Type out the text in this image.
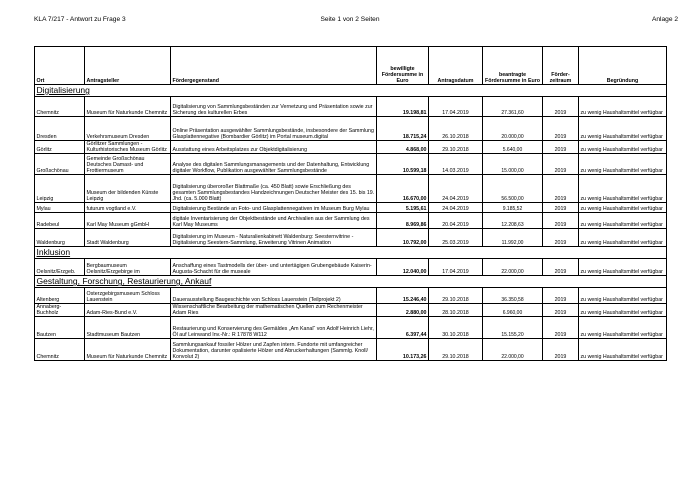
KLA 7/217 - Antwort zu Frage 3	Seite 1 von 2 Seiten	Anlage 2
Ort	Antragsteller	Fördergegenstand	bewilligte Fördersumme in Euro	Antragsdatum	beantragte Fördersumme in Euro	Förder-zeitraum	Begründung
Digitalisierung							
Chemnitz	Museum für Naturkunde Chemnitz	Digitalisierung von Sammlungsbeständen zur Vernetzung und Präsentation sowie zur Sicherung des kulturellen Erbes	19.198,81	17.04.2019	27.361,60	2019	zu wenig Haushaltsmittel verfügbar
Dresden	Verkehrsmuseum Dresden	Online Präsentation ausgewählter Sammlungsbestände, insbesondere der Sammlung Glasplattennegative (Bombardier Görlitz) im Portal museum.digital	18.715,24	26.10.2018	20.000,00	2019	zu wenig Haushaltsmittel verfügbar
Görlitz	Görlitzer Sammlungen - Kulturhistorisches Museum Görlitz	Ausstattung eines Arbeitsplatzes zur Objektdigitalisierung	4.868,00	29.10.2018	5.640,00	2019	zu wenig Haushaltsmittel verfügbar
Großschönau	Gemeinde Großschönau Deutsches Damast- und Frottiermuseum	Analyse des digitalen Sammlungsmanagements und der Datenhaltung, Entwicklung digitaler Workflow, Publikation ausgewählter Sammlungsbestände	10.599,18	14.03.2019	15.000,00	2019	zu wenig Haushaltsmittel verfügbar
Leipzig	Museum der bildenden Künste Leipzig	Digitalisierung überoroßer Blattmaße (ca. 450 Blatt) sowie Erschließung des gesamten Sammlungsbestandes Handzeichnungen Deutscher Meister des 15. bis 19. Jhd. (ca. 5.000 Blatt)	16.670,00	24.04.2019	56.500,00	2019	zu wenig Haushaltsmittel verfügbar
Mylau	futurum vogtland e.V.	Digitalisierung Bestände an Foto- und Glasplattennegativen im Museum Burg Mylau	5.195,61	24.04.2019	9.185,52	2019	zu wenig Haushaltsmittel verfügbar
Radebeul	Karl May Museum gGmbH	digitale Inventarisierung der Objektbestände und Archivalien aus der Sammlung des Karl May Museums	8.969,86	20.04.2019	12.208,63	2019	zu wenig Haushaltsmittel verfügbar
Waldenburg	Stadt Waldenburg	Digitalisierung im Museum - Naturalienkabinett Waldenburg: Seesternvitrine - Digitalisierung Seestern-Sammlung, Erweiterung Vitrinen Animation	10.792,00	25.03.2019	11.992,00	2019	zu wenig Haushaltsmittel verfügbar
Inklusion							
Oelsnitz/Erzgeb.	Bergbaumuseum Oelsnitz/Erzgebirge im	Anschaffung eines Tastmodells der über- und untertägigen Grubengebäude Kaiserin-Augusta-Schacht für die museale	12.040,00	17.04.2019	22.000,00	2019	zu wenig Haushaltsmittel verfügbar
Gestaltung, Forschung, Restaurierung, Ankauf							
Altenberg	Osterzgebirgsmuseum Schloss Lauenstein	Dauerausstellung Baugeschichte von Schloss Lauenstein (Teilprojekt 2)	15.246,40	29.10.2018	36.350,58	2019	zu wenig Haushaltsmittel verfügbar
Annaberg-Buchholz	Adam-Ries-Bund e.V.	Wissenschaftliche Bearbeitung der mathematischen Quellen zum Rechenmeister Adam Ries	2.880,00	28.10.2018	6.960,00	2019	zu wenig Haushaltsmittel verfügbar
Bautzen	Stadtmuseum Bautzen	Restaurierung und Konservierung des Gemäldes „Am Kanal“ von Adolf Heinrich Liehr, Öl auf Leinwand Inv.-Nr.: R 17878 W112	6.397,44	30.10.2018	15.155,20	2019	zu wenig Haushaltsmittel verfügbar
Chemnitz	Museum für Naturkunde Chemnitz	Sammlungsankauf fossiler Hölzer und Zapfen intern. Fundorte mit umfangreicher Dokumentation, darunter opalisierte Hölzer und Abruckerhaltungen (Sammlg. Knoll/ Konvolut 2)	10.173,26	29.10.2018	22.000,00	2019	zu wenig Haushaltsmittel verfügbar
